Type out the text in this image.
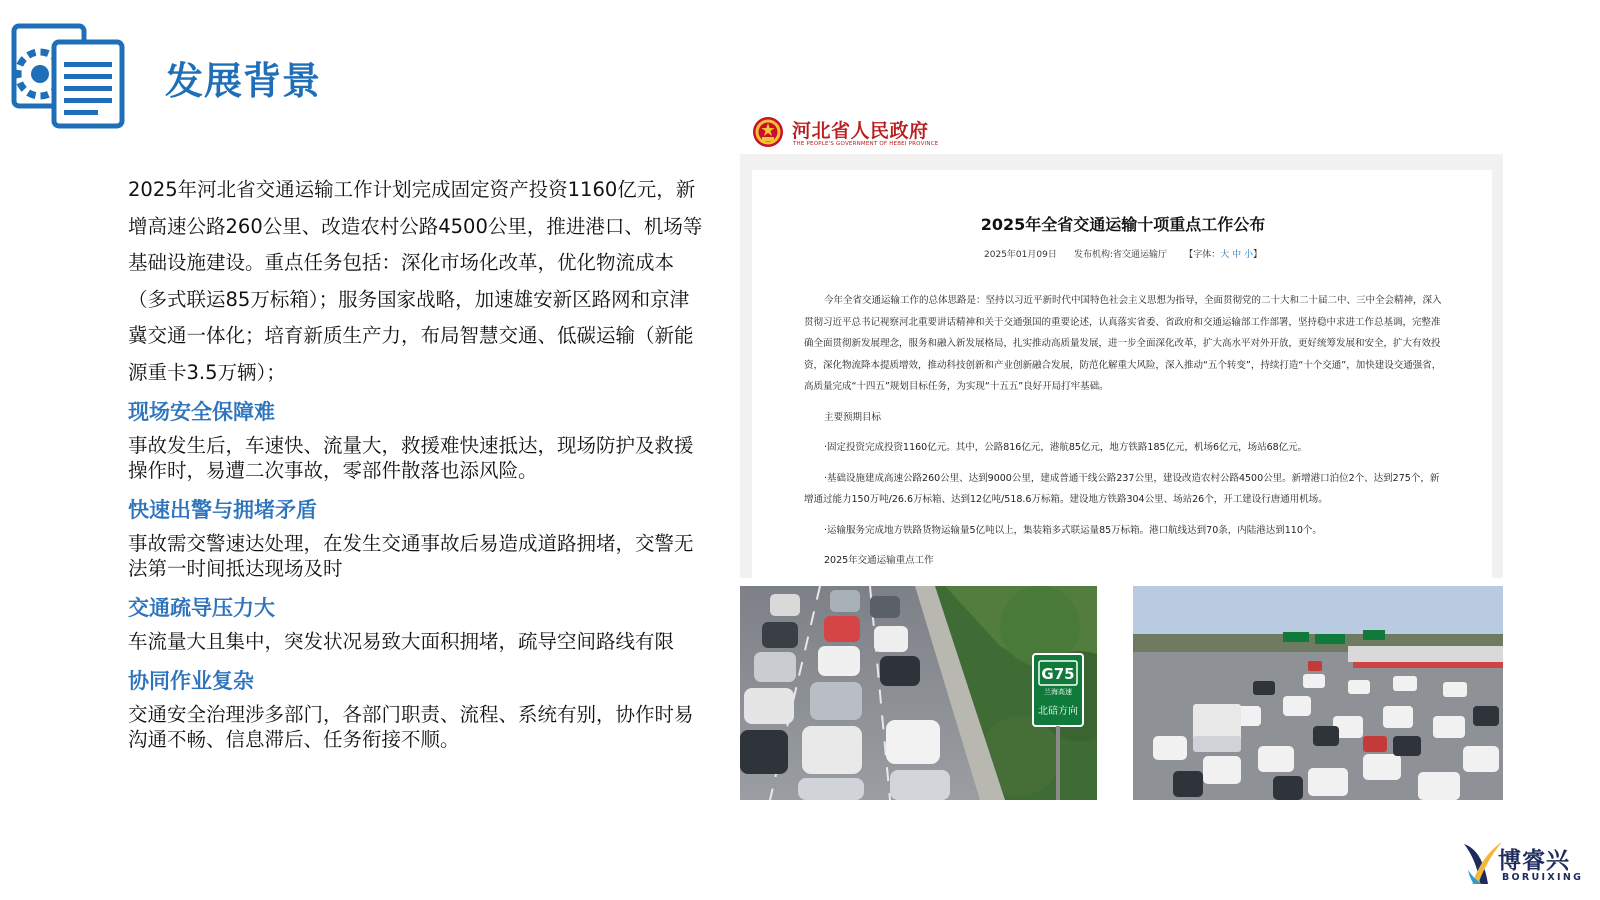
发展背景

2025年河北省交通运输工作计划完成固定资产投资1160亿元，新增高速公路260公里、改造农村公路4500公里，推进港口、机场等基础设施建设。重点任务包括：深化市场化改革，优化物流成本（多式联运85万标箱）；服务国家战略，加速雄安新区路网和京津冀交通一体化；培育新质生产力，布局智慧交通、低碳运输（新能源重卡3.5万辆）；

现场安全保障难

事故发生后，车速快、流量大，救援难快速抵达，现场防护及救援操作时，易遭二次事故，零部件散落也添风险。

快速出警与拥堵矛盾

事故需交警速达处理，在发生交通事故后易造成道路拥堵，交警无法第一时间抵达现场及时

交通疏导压力大

车流量大且集中，突发状况易致大面积拥堵，疏导空间路线有限

协同作业复杂

交通安全治理涉多部门，各部门职责、流程、系统有别，协作时易沟通不畅、信息滞后、任务衔接不顺。

河北省人民政府
THE PEOPLE'S GOVERNMENT OF HEBEI PROVINCE
2025年全省交通运输十项重点工作公布
2025年01月09日 发布机构:省交通运输厅 【字体：大 中 小】

今年全省交通运输工作的总体思路是：坚持以习近平新时代中国特色社会主义思想为指导，全面贯彻党的二十大和二十届二中、三中全会精神，深入贯彻习近平总书记视察河北重要讲话精神和关于交通强国的重要论述，认真落实省委、省政府和交通运输部工作部署，坚持稳中求进工作总基调，完整准确全面贯彻新发展理念，服务和融入新发展格局，扎实推动高质量发展，进一步全面深化改革，扩大高水平对外开放，更好统筹发展和安全，扩大有效投资，深化物流降本提质增效，推动科技创新和产业创新融合发展，防范化解重大风险，深入推动“五个转变”，持续打造“十个交通”，加快建设交通强省，高质量完成“十四五”规划目标任务，为实现“十五五”良好开局打牢基础。

主要预期目标

·固定投资完成投资1160亿元。其中，公路816亿元，港航85亿元，地方铁路185亿元，机场6亿元，场站68亿元。

·基础设施建成高速公路260公里、达到9000公里，建成普通干线公路237公里，建设改造农村公路4500公里。新增港口泊位2个、达到275个，新增通过能力150万吨/26.6万标箱、达到12亿吨/518.6万标箱。建设地方铁路304公里、场站26个，开工建设行唐通用机场。

·运输服务完成地方铁路货物运输量5亿吨以上，集装箱多式联运量85万标箱。港口航线达到70条，内陆港达到110个。

2025年交通运输重点工作

G75
兰海高速
北碚方向
博睿兴
BORUIXING
